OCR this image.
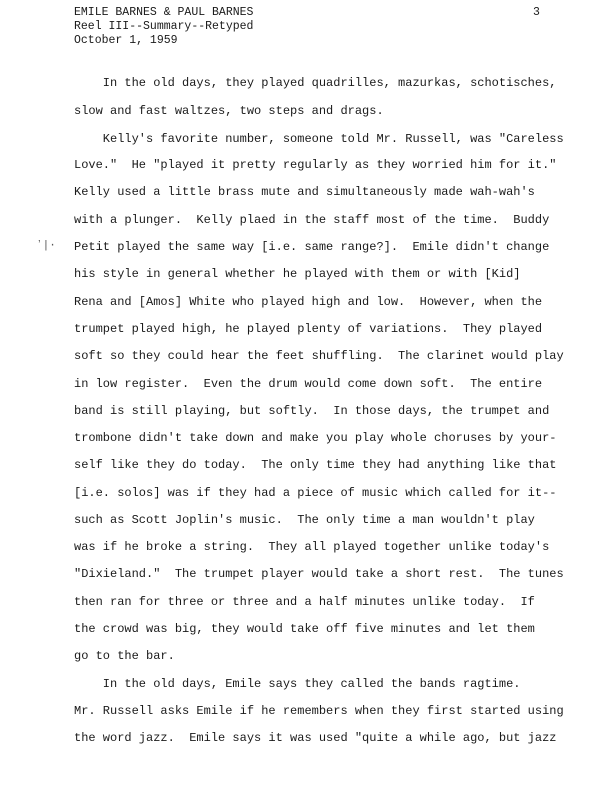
EMILE BARNES & PAUL BARNES
Reel III--Summary--Retyped
October 1, 1959
3
ʼ|·
In the old days, they played quadrilles, mazurkas, schotisches,
slow and fast waltzes, two steps and drags.
Kelly's favorite number, someone told Mr. Russell, was "Careless
Love."  He "played it pretty regularly as they worried him for it."
Kelly used a little brass mute and simultaneously made wah-wah's
with a plunger.  Kelly plaed in the staff most of the time.  Buddy
Petit played the same way [i.e. same range?].  Emile didn't change
his style in general whether he played with them or with [Kid]
Rena and [Amos] White who played high and low.  However, when the
trumpet played high, he played plenty of variations.  They played
soft so they could hear the feet shuffling.  The clarinet would play
in low register.  Even the drum would come down soft.  The entire
band is still playing, but softly.  In those days, the trumpet and
trombone didn't take down and make you play whole choruses by your-
self like they do today.  The only time they had anything like that
[i.e. solos] was if they had a piece of music which called for it--
such as Scott Joplin's music.  The only time a man wouldn't play
was if he broke a string.  They all played together unlike today's
"Dixieland."  The trumpet player would take a short rest.  The tunes
then ran for three or three and a half minutes unlike today.  If
the crowd was big, they would take off five minutes and let them
go to the bar.
In the old days, Emile says they called the bands ragtime.
Mr. Russell asks Emile if he remembers when they first started using
the word jazz.  Emile says it was used "quite a while ago, but jazz
